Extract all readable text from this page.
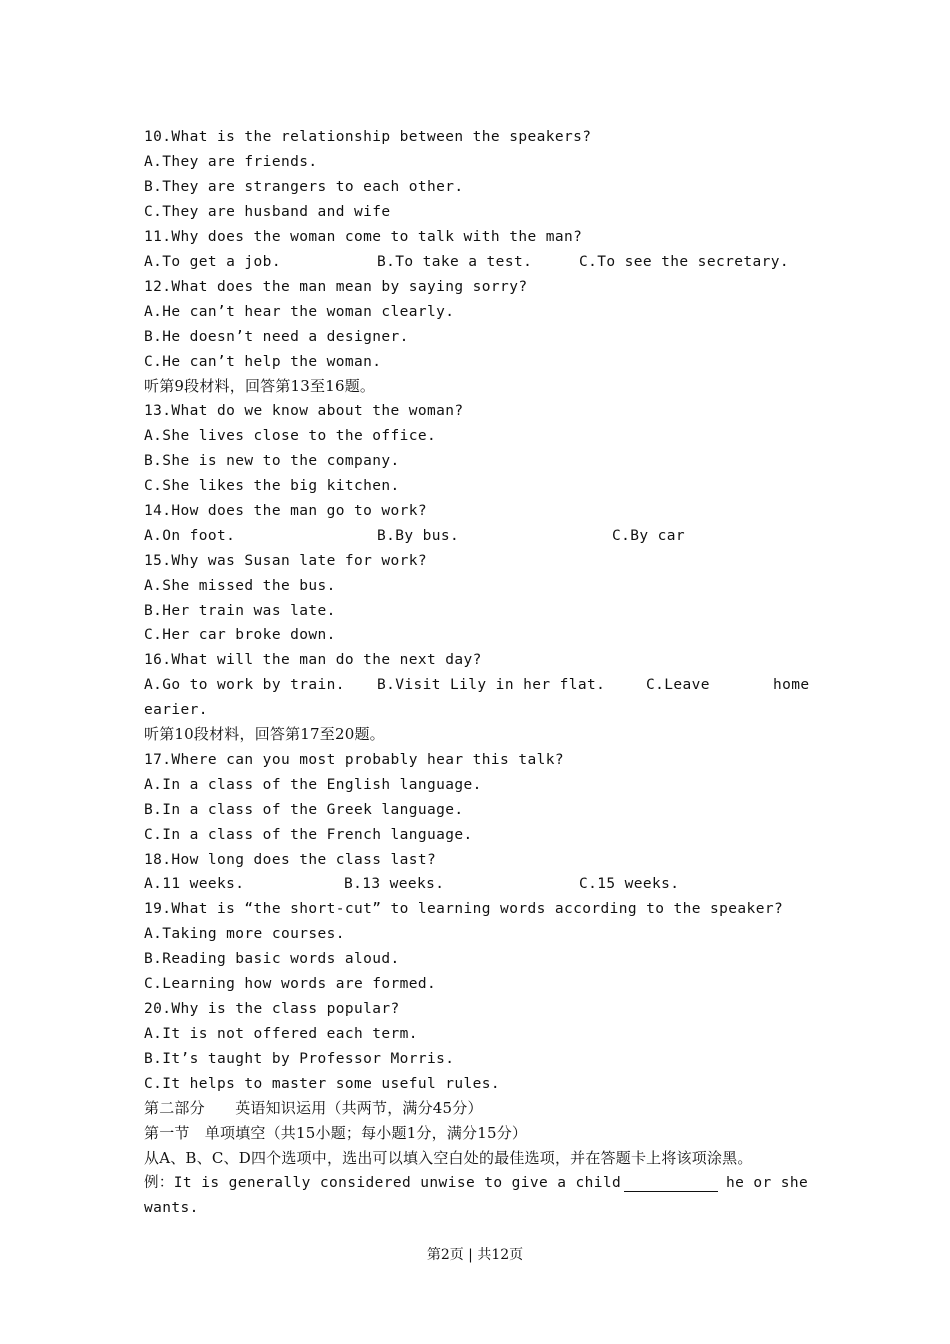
10.What is the relationship between the speakers?
A.They are friends.
B.They are strangers to each other.
C.They are husband and wife
11.Why does the woman come to talk with the man?

A.To get a job.

	B.To take a test.

	C.To see the secretary.

12.What does the man mean by saying sorry?
A.He can’t hear the woman clearly.
B.He doesn’t need a designer.
C.He can’t help the woman.
听第9段材料，回答第13至16题。
13.What do we know about the woman?
A.She lives close to the office.
B.She is new to the company.
C.She likes the big kitchen.
14.How does the man go to work?

A.On foot.

	B.By bus.

	C.By car

15.Why was Susan late for work?
A.She missed the bus.
B.Her train was late.
C.Her car broke down.
16.What will the man do the next day?

A.Go to work by train.

B.Visit Lily in her flat.

	C.Leave

	home

earier.
听第10段材料，回答第17至20题。
17.Where can you most probably hear this talk?
A.In a class of the English language.
B.In a class of the Greek language.
C.In a class of the French language.
18.How long does the class last?

A.11 weeks.

	B.13 weeks.

	C.15 weeks.

19.What is “the short-cut” to learning words according to the speaker?
A.Taking more courses.
B.Reading basic words aloud.
C.Learning how words are formed.
20.Why is the class popular?
A.It is not offered each term.
B.It’s taught by Professor Morris.
C.It helps to master some useful rules.
第二部分　　英语知识运用（共两节，满分45分）
第一节　单项填空（共15小题；每小题1分，满分15分）
从A、B、C、D四个选项中，选出可以填入空白处的最佳选项，并在答题卡上将该项涂黑。

例：It is generally considered unwise to give a child

	he or she

wants.
第2页 | 共12页
